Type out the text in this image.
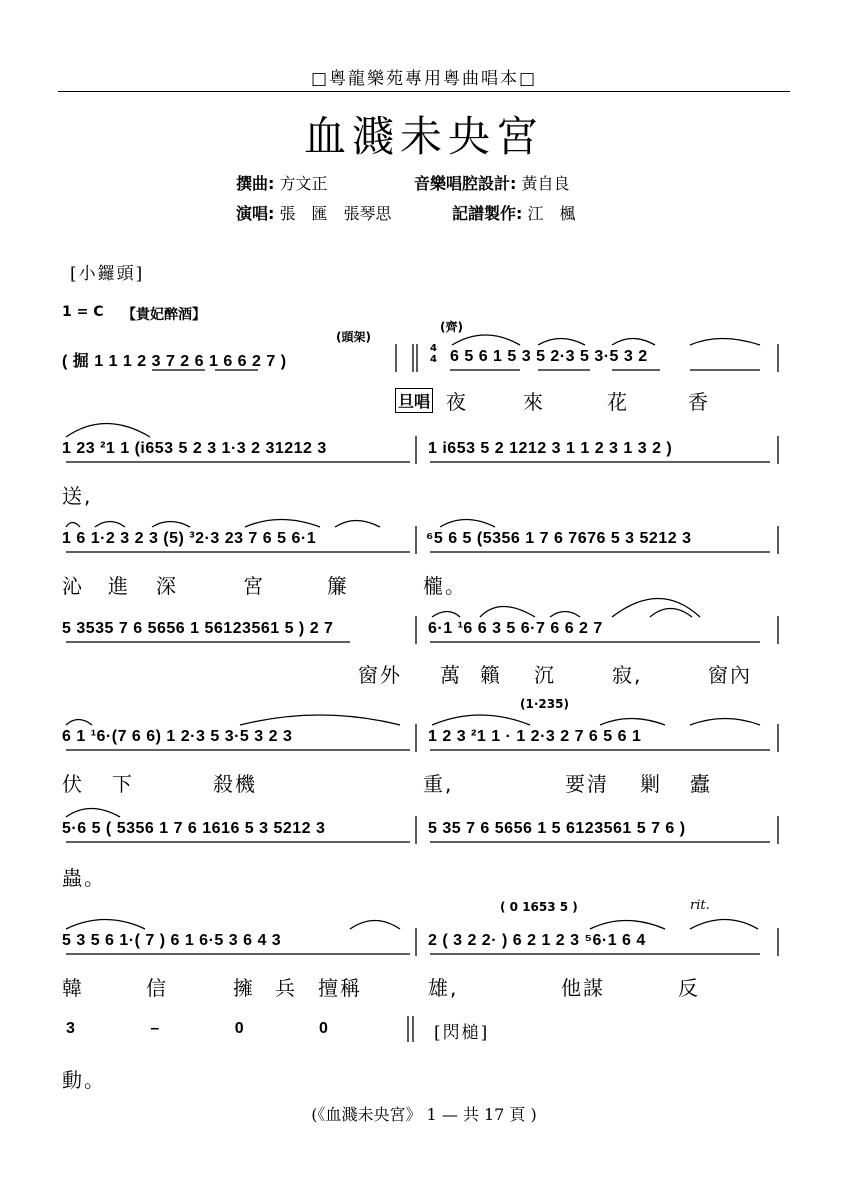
□粵龍樂苑專用粵曲唱本□
血濺未央宮
撰曲: 方文正	音樂唱腔設計: 黃自良
演唱: 張　匯　張琴思	記譜製作: 江　楓
[小鑼頭]
1 = C 【貴妃醉酒】
(頭架)
(齊)
( 掘 1 1 1 2 3 7 2 6 1 6 6 2 7 )
4
4 6 5 6 1 5 3 5 2·3 5 3·5 3 2
旦唱 夜	來	花	香
1 23 ²1 1 (i653 5 2 3 1·3 2 31212 3	1 i653 5 2 1212 3 1 1 2 3 1 3 2 )
送,
1 6 1·2 3 2 3 (5) ³2·3 23 7 6 5 6·1	⁶5 6 5 (5356 1 7 6 7676 5 3 5212 3
沁 進 深	宮	簾	櫳。
5 3535 7 6 5656 1 56123561 5 ) 2 7	6·1 ¹6 6 3 5 6·7 6 6 2 7
窗外 萬 籟 沉	寂,	窗內
(1·235)
6 1 ¹6·(7 6 6) 1 2·3 5 3·5 3 2 3	1 2 3 ²1 1 · 1 2·3 2 7 6 5 6 1
伏 下	殺機	重,	要清 剿 蠹
5·6 5 ( 5356 1 7 6 1616 5 3 5212 3	5 35 7 6 5656 1 5 6123561 5 7 6 )
蟲。
( 0 1653 5 )	rit.
5 3 5 6 1·( 7 ) 6 1 6·5 3 6 4 3	2 ( 3 2 2· ) 6 2 1 2 3 ⁵6·1 6 4
韓	信	擁 兵 擅稱	雄,	他謀	反
3 – 0 0	[閃槌]
動。
(《血濺未央宮》 1 — 共 17 頁 )
